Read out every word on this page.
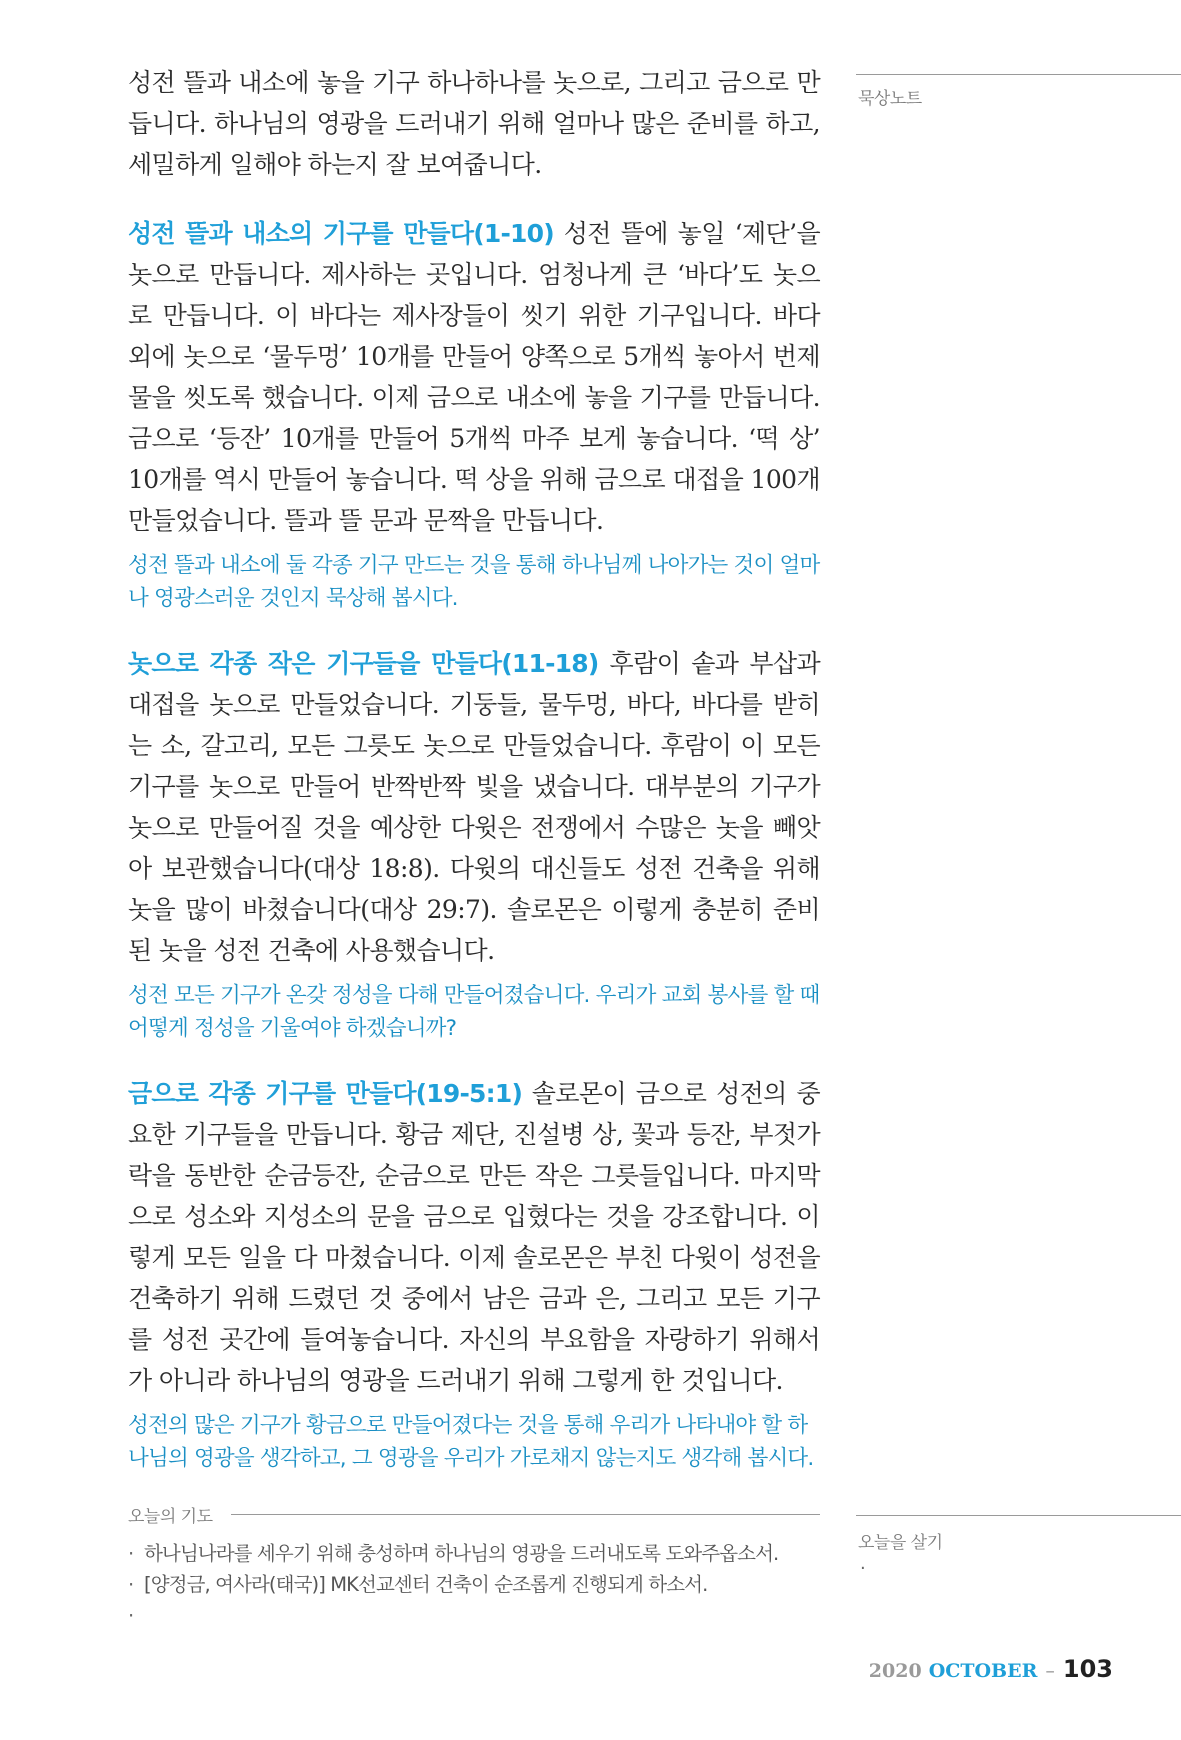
묵상노트
오늘을 살기
·

성전 뜰과 내소에 놓을 기구 하나하나를 놋으로, 그리고 금으로 만듭니다. 하나님의 영광을 드러내기 위해 얼마나 많은 준비를 하고, 세밀하게 일해야 하는지 잘 보여줍니다.

성전 뜰과 내소의 기구를 만들다(1-10) 성전 뜰에 놓일 ‘제단’을 놋으로 만듭니다. 제사하는 곳입니다. 엄청나게 큰 ‘바다’도 놋으로 만듭니다. 이 바다는 제사장들이 씻기 위한 기구입니다. 바다 외에 놋으로 ‘물두멍’ 10개를 만들어 양쪽으로 5개씩 놓아서 번제물을 씻도록 했습니다. 이제 금으로 내소에 놓을 기구를 만듭니다. 금으로 ‘등잔’ 10개를 만들어 5개씩 마주 보게 놓습니다. ‘떡 상’ 10개를 역시 만들어 놓습니다. 떡 상을 위해 금으로 대접을 100개 만들었습니다. 뜰과 뜰 문과 문짝을 만듭니다.

성전 뜰과 내소에 둘 각종 기구 만드는 것을 통해 하나님께 나아가는 것이 얼마나 영광스러운 것인지 묵상해 봅시다.

놋으로 각종 작은 기구들을 만들다(11-18) 후람이 솥과 부삽과 대접을 놋으로 만들었습니다. 기둥들, 물두멍, 바다, 바다를 받히는 소, 갈고리, 모든 그릇도 놋으로 만들었습니다. 후람이 이 모든 기구를 놋으로 만들어 반짝반짝 빛을 냈습니다. 대부분의 기구가 놋으로 만들어질 것을 예상한 다윗은 전쟁에서 수많은 놋을 빼앗아 보관했습니다(대상 18:8). 다윗의 대신들도 성전 건축을 위해 놋을 많이 바쳤습니다(대상 29:7). 솔로몬은 이렇게 충분히 준비된 놋을 성전 건축에 사용했습니다.

성전 모든 기구가 온갖 정성을 다해 만들어졌습니다. 우리가 교회 봉사를 할 때 어떻게 정성을 기울여야 하겠습니까?

금으로 각종 기구를 만들다(19-5:1) 솔로몬이 금으로 성전의 중요한 기구들을 만듭니다. 황금 제단, 진설병 상, 꽃과 등잔, 부젓가락을 동반한 순금등잔, 순금으로 만든 작은 그릇들입니다. 마지막으로 성소와 지성소의 문을 금으로 입혔다는 것을 강조합니다. 이렇게 모든 일을 다 마쳤습니다. 이제 솔로몬은 부친 다윗이 성전을 건축하기 위해 드렸던 것 중에서 남은 금과 은, 그리고 모든 기구를 성전 곳간에 들여놓습니다. 자신의 부요함을 자랑하기 위해서가 아니라 하나님의 영광을 드러내기 위해 그렇게 한 것입니다.

성전의 많은 기구가 황금으로 만들어졌다는 것을 통해 우리가 나타내야 할 하나님의 영광을 생각하고, 그 영광을 우리가 가로채지 않는지도 생각해 봅시다.

오늘의 기도
· 하나님나라를 세우기 위해 충성하며 하나님의 영광을 드러내도록 도와주옵소서.
· [양정금, 여사라(태국)] MK선교센터 건축이 순조롭게 진행되게 하소서.
·
2020 OCTOBER – 103
